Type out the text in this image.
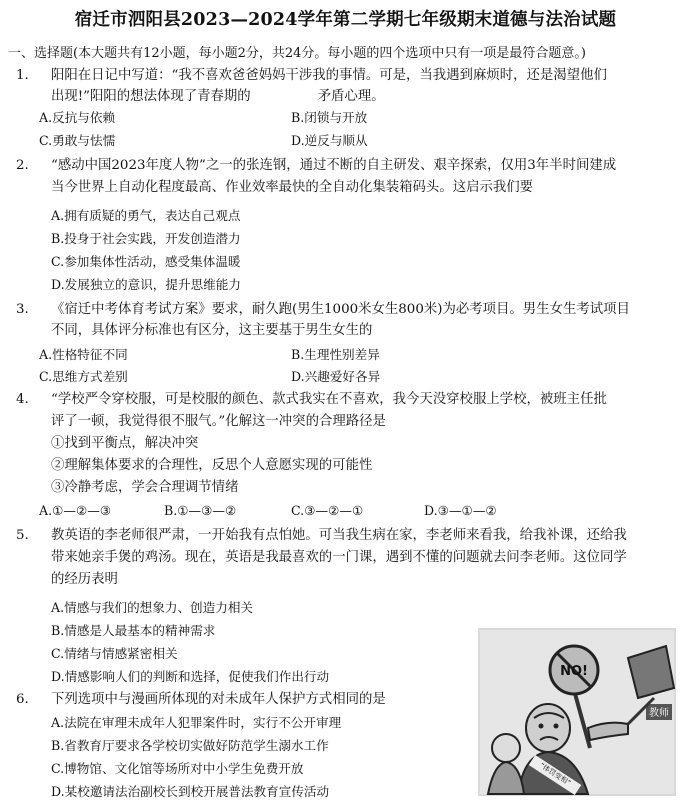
宿迁市泗阳县2023—2024学年第二学期七年级期末道德与法治试题
一、选择题(本大题共有12小题，每小题2分，共24分。每小题的四个选项中只有一项是最符合题意。)
1. 阳阳在日记中写道：“我不喜欢爸爸妈妈干涉我的事情。可是，当我遇到麻烦时，还是渴望他们
出现!”阳阳的想法体现了青春期的　　　　　矛盾心理。
A.反抗与依赖	B.闭锁与开放
C.勇敢与怯懦	D.逆反与顺从
2. “感动中国2023年度人物”之一的张连钢，通过不断的自主研发、艰辛探索，仅用3年半时间建成
当今世界上自动化程度最高、作业效率最快的全自动化集装箱码头。这启示我们要
A.拥有质疑的勇气，表达自己观点
B.投身于社会实践，开发创造潜力
C.参加集体性活动，感受集体温暖
D.发展独立的意识，提升思维能力
3. 《宿迁中考体育考试方案》要求，耐久跑(男生1000米女生800米)为必考项目。男生女生考试项目
不同，具体评分标准也有区分，这主要基于男生女生的
A.性格特征不同	B.生理性别差异
C.思维方式差别	D.兴趣爱好各异
4. “学校严令穿校服，可是校服的颜色、款式我实在不喜欢，我今天没穿校服上学校，被班主任批
评了一顿，我觉得很不服气。”化解这一冲突的合理路径是
①找到平衡点，解决冲突
②理解集体要求的合理性，反思个人意愿实现的可能性
③冷静考虑，学会合理调节情绪
A.①—②—③	B.①—③—②	C.③—②—①	D.③—①—②
5. 教英语的李老师很严肃，一开始我有点怕她。可当我生病在家，李老师来看我，给我补课，还给我
带来她亲手煲的鸡汤。现在，英语是我最喜欢的一门课，遇到不懂的问题就去问李老师。这位同学
的经历表明
A.情感与我们的想象力、创造力相关
B.情感是人最基本的精神需求
C.情绪与情感紧密相关
D.情感影响人们的判断和选择，促使我们作出行动
6. 下列选项中与漫画所体现的对未成年人保护方式相同的是
A.法院在审理未成年人犯罪案件时，实行不公开审理
B.省教育厅要求各学校切实做好防范学生溺水工作
C.博物馆、文化馆等场所对中小学生免费开放
D.某校邀请法治副校长到校开展普法教育宣传活动
NO!
教师
“体罚变相”
